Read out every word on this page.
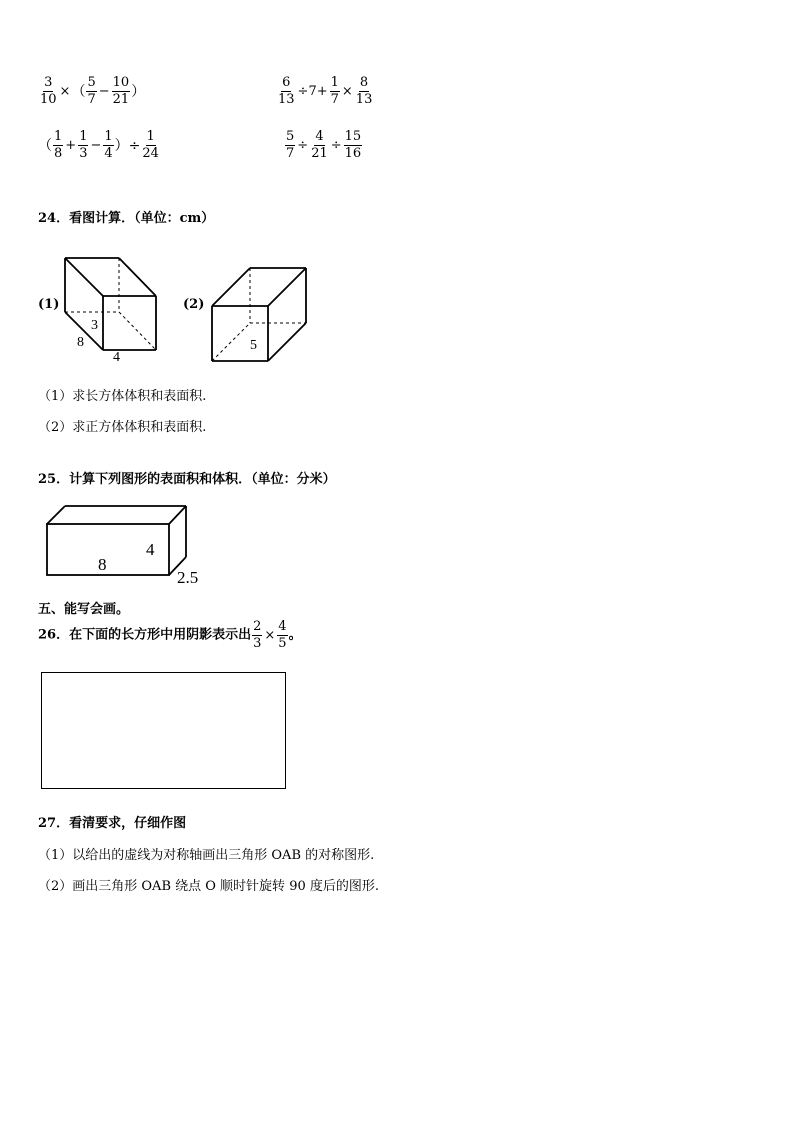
$\frac{3}{10}$ ×（ $\frac{5}{7} - \frac{10}{21}$ ）	$\frac{6}{13} \div 7+ \frac{1}{7} \times \frac{8}{13}$
（ $\frac{1}{8} + \frac{1}{3} - \frac{1}{4}$ ）÷ $\frac{1}{24}$	$\frac{5}{7} \div \frac{4}{21} \div \frac{15}{16}$
24．看图计算．（单位：cm）
(1)
3
8
4
(2)
5
（1）求长方体体积和表面积.
（2）求正方体体积和表面积.
25．计算下列图形的表面积和体积．（单位：分米）
8
4
2.5
五、能写会画。
26．在下面的长方形中用阴影表示出 $\frac{2}{3} \times \frac{4}{5}$ 。
27．看清要求，仔细作图
（1）以给出的虚线为对称轴画出三角形 OAB 的对称图形.
（2）画出三角形 OAB 绕点 O 顺时针旋转 90 度后的图形.
